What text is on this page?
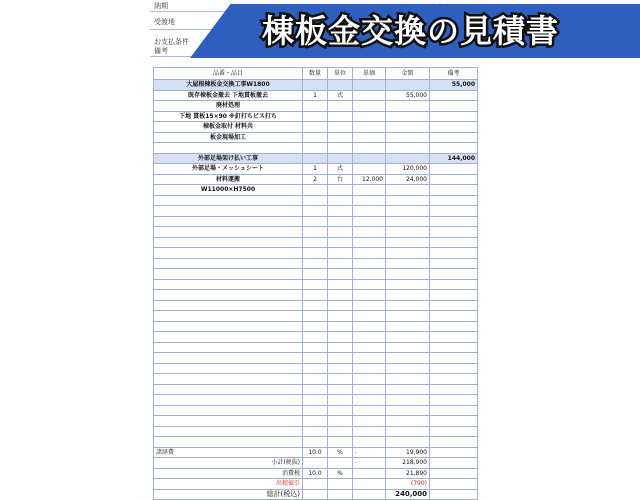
納期
受渡地
お支払条件
備考
棟板金交換の見積書
品番・品目	数量	単位	単価	金額	備考
大屋根棟板金交換工事W1800					55,000
既存棟板金撤去 下地貫板撤去	1	式		55,000	
廃材処理					
下地 貫板15×90 ※釘打ちビス打ち					
棟板金取付 材料共					
板金現場加工					

外部足場架け払い工事					144,000
外部足場・メッシュシート	1	式		120,000	
材料運搬	2	台	12,000	24,000	
W11000×H7500					

諸経費	10.0	%	-	19,900	
小計(税抜)			-	218,900	
消費税	10.0	%		21,890	
出精値引				(790)	
総計(税込)				240,000	
